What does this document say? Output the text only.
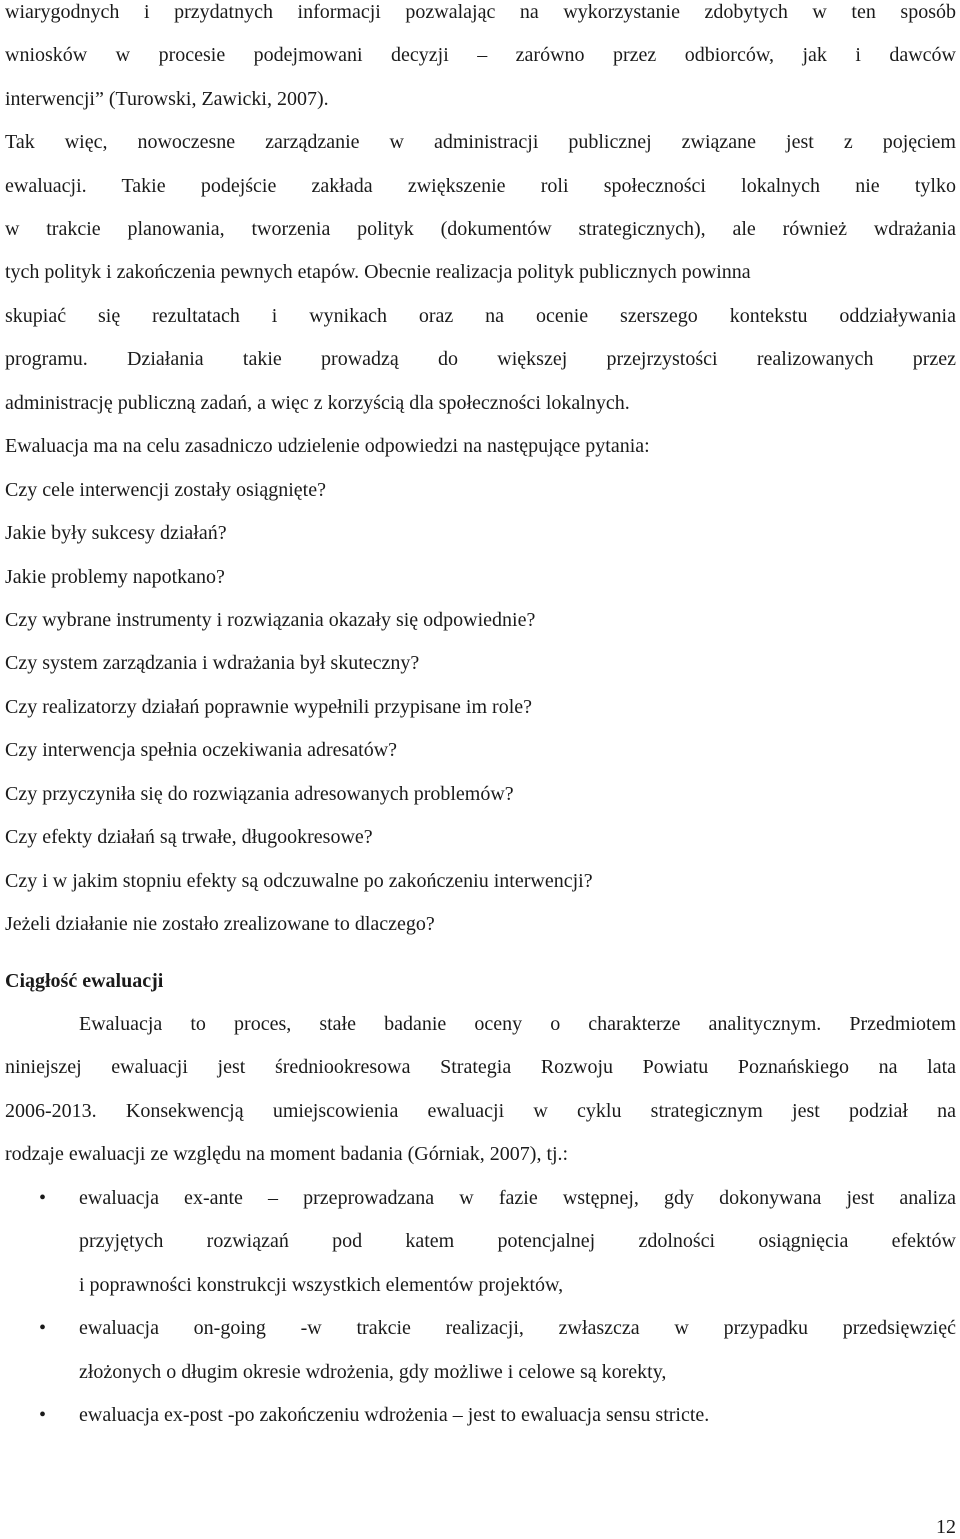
wiarygodnych i przydatnych informacji pozwalając na wykorzystanie zdobytych w ten sposób
wniosków w procesie podejmowani decyzji – zarówno przez odbiorców, jak i dawców
interwencji” (Turowski, Zawicki, 2007).
Tak więc, nowoczesne zarządzanie w administracji publicznej związane jest z pojęciem
ewaluacji. Takie podejście zakłada zwiększenie roli społeczności lokalnych nie tylko
w trakcie planowania, tworzenia polityk (dokumentów strategicznych), ale również wdrażania
tych polityk i zakończenia pewnych etapów. Obecnie realizacja polityk publicznych powinna
skupiać się rezultatach i wynikach oraz na ocenie szerszego kontekstu oddziaływania
programu. Działania takie prowadzą do większej przejrzystości realizowanych przez
administrację publiczną zadań, a więc z korzyścią dla społeczności lokalnych.
Ewaluacja ma na celu zasadniczo udzielenie odpowiedzi na następujące pytania:
Czy cele interwencji zostały osiągnięte?
Jakie były sukcesy działań?
Jakie problemy napotkano?
Czy wybrane instrumenty i rozwiązania okazały się odpowiednie?
Czy system zarządzania i wdrażania był skuteczny?
Czy realizatorzy działań poprawnie wypełnili przypisane im role?
Czy interwencja spełnia oczekiwania adresatów?
Czy przyczyniła się do rozwiązania adresowanych problemów?
Czy efekty działań są trwałe, długookresowe?
Czy i w jakim stopniu efekty są odczuwalne po zakończeniu interwencji?
Jeżeli działanie nie zostało zrealizowane to dlaczego?
Ciągłość ewaluacji
Ewaluacja to proces, stałe badanie oceny o charakterze analitycznym. Przedmiotem
niniejszej ewaluacji jest średniookresowa Strategia Rozwoju Powiatu Poznańskiego na lata
2006-2013. Konsekwencją umiejscowienia ewaluacji w cyklu strategicznym jest podział na
rodzaje ewaluacji ze względu na moment badania (Górniak, 2007), tj.:
• ewaluacja ex-ante – przeprowadzana w fazie wstępnej, gdy dokonywana jest analiza
przyjętych rozwiązań pod katem potencjalnej zdolności osiągnięcia efektów
i poprawności konstrukcji wszystkich elementów projektów,
• ewaluacja on-going -w trakcie realizacji, zwłaszcza w przypadku przedsięwzięć
złożonych o długim okresie wdrożenia, gdy możliwe i celowe są korekty,
• ewaluacja ex-post -po zakończeniu wdrożenia – jest to ewaluacja sensu stricte.
12
